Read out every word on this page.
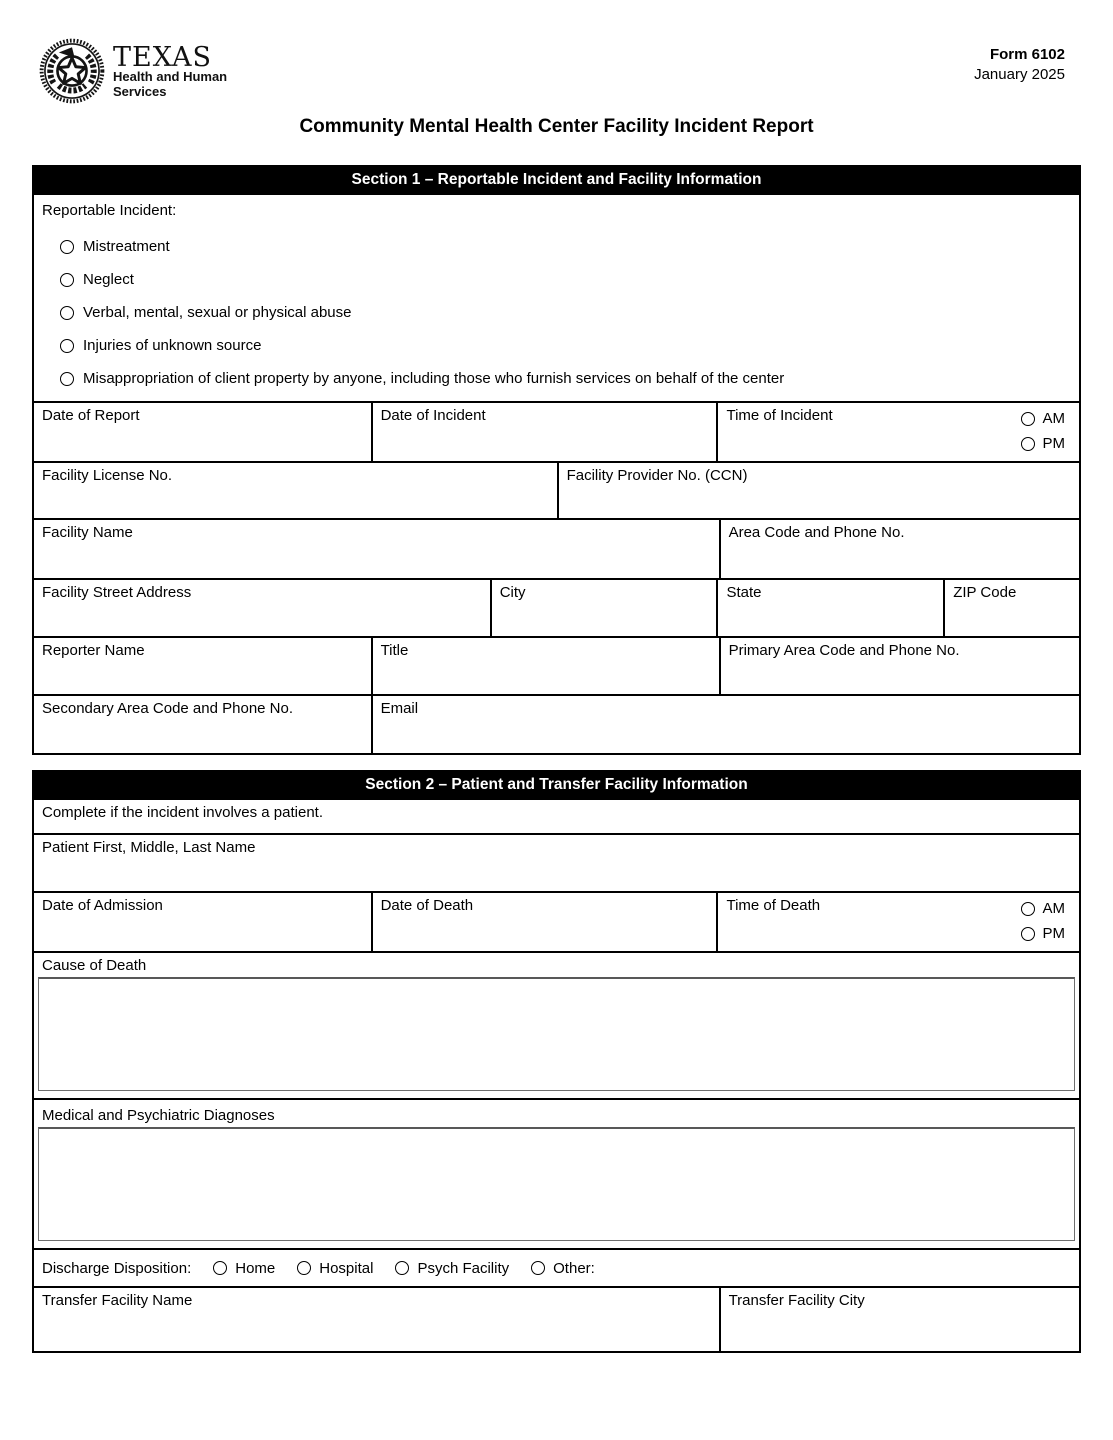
TEXAS
Health and Human
Services
Form 6102
January 2025
Community Mental Health Center Facility Incident Report
Section 1 – Reportable Incident and Facility Information
Reportable Incident:
Mistreatment
Neglect
Verbal, mental, sexual or physical abuse
Injuries of unknown source
Misappropriation of client property by anyone, including those who furnish services on behalf of the center
Date of Report	Date of Incident	Time of Incident	AM
PM
Facility License No.	Facility Provider No. (CCN)
Facility Name	Area Code and Phone No.
Facility Street Address	City	State	ZIP Code
Reporter Name	Title	Primary Area Code and Phone No.
Secondary Area Code and Phone No.	Email
Section 2 – Patient and Transfer Facility Information
Complete if the incident involves a patient.
Patient First, Middle, Last Name
Date of Admission	Date of Death	Time of Death	AM
PM
Cause of Death
Medical and Psychiatric Diagnoses
Discharge Disposition:	Home	Hospital	Psych Facility	Other:
Transfer Facility Name	Transfer Facility City
